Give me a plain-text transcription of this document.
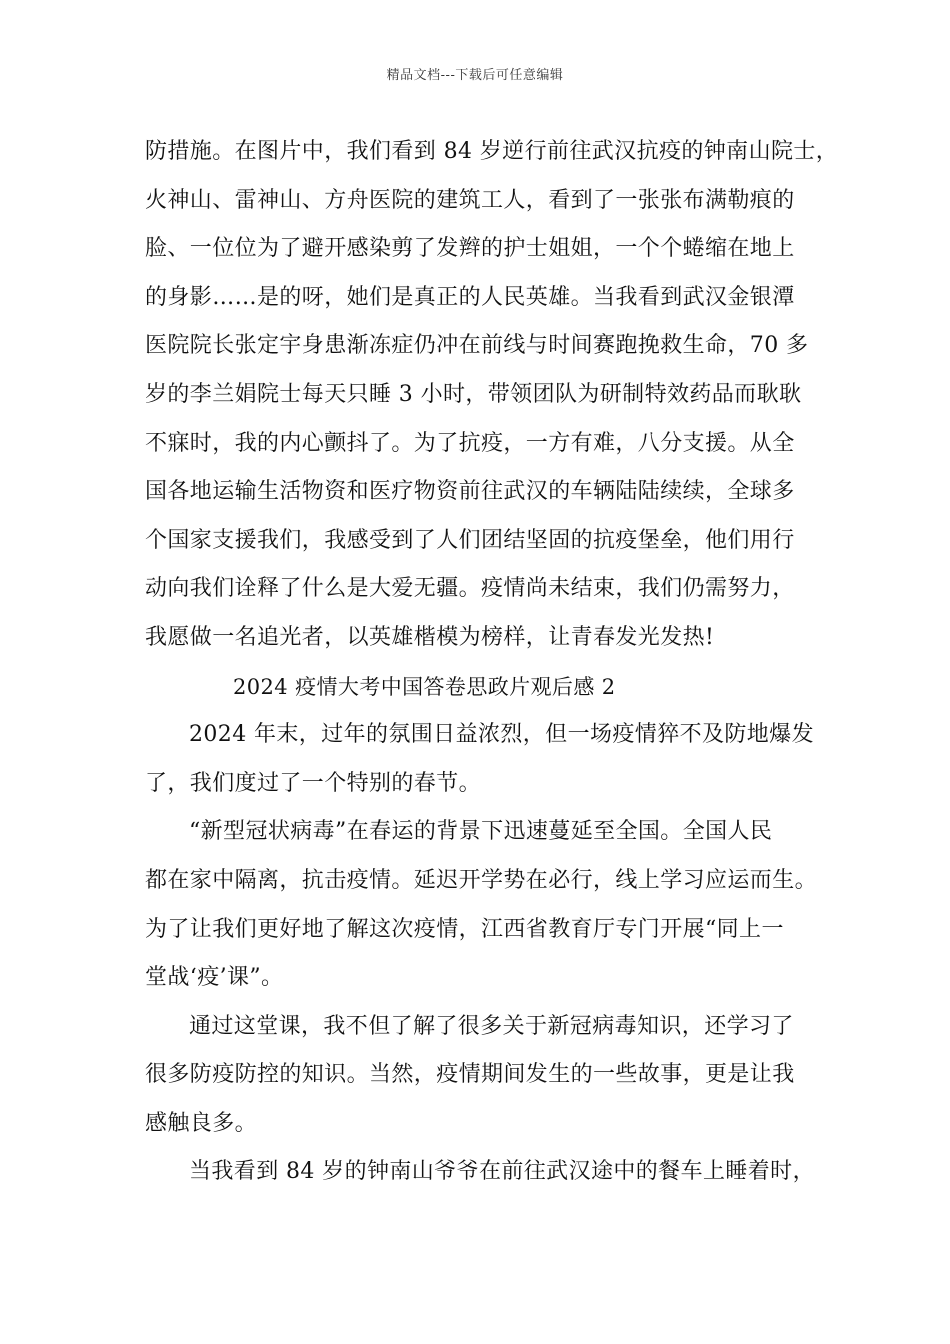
精品文档---下载后可任意编辑
防措施。在图片中，我们看到 84 岁逆行前往武汉抗疫的钟南山院士，
火神山、雷神山、方舟医院的建筑工人，看到了一张张布满勒痕的
脸、一位位为了避开感染剪了发辫的护士姐姐，一个个蜷缩在地上
的身影……是的呀，她们是真正的人民英雄。当我看到武汉金银潭
医院院长张定宇身患渐冻症仍冲在前线与时间赛跑挽救生命，70 多
岁的李兰娟院士每天只睡 3 小时，带领团队为研制特效药品而耿耿
不寐时，我的内心颤抖了。为了抗疫，一方有难，八分支援。从全
国各地运输生活物资和医疗物资前往武汉的车辆陆陆续续，全球多
个国家支援我们，我感受到了人们团结坚固的抗疫堡垒，他们用行
动向我们诠释了什么是大爱无疆。疫情尚未结束，我们仍需努力，
我愿做一名追光者，以英雄楷模为榜样，让青春发光发热!
2024 疫情大考中国答卷思政片观后感 2
2024 年末，过年的氛围日益浓烈，但一场疫情猝不及防地爆发
了，我们度过了一个特别的春节。
“新型冠状病毒”在春运的背景下迅速蔓延至全国。全国人民
都在家中隔离，抗击疫情。延迟开学势在必行，线上学习应运而生。
为了让我们更好地了解这次疫情，江西省教育厅专门开展“同上一
堂战‘疫’课”。
通过这堂课，我不但了解了很多关于新冠病毒知识，还学习了
很多防疫防控的知识。当然，疫情期间发生的一些故事，更是让我
感触良多。
当我看到 84 岁的钟南山爷爷在前往武汉途中的餐车上睡着时，
